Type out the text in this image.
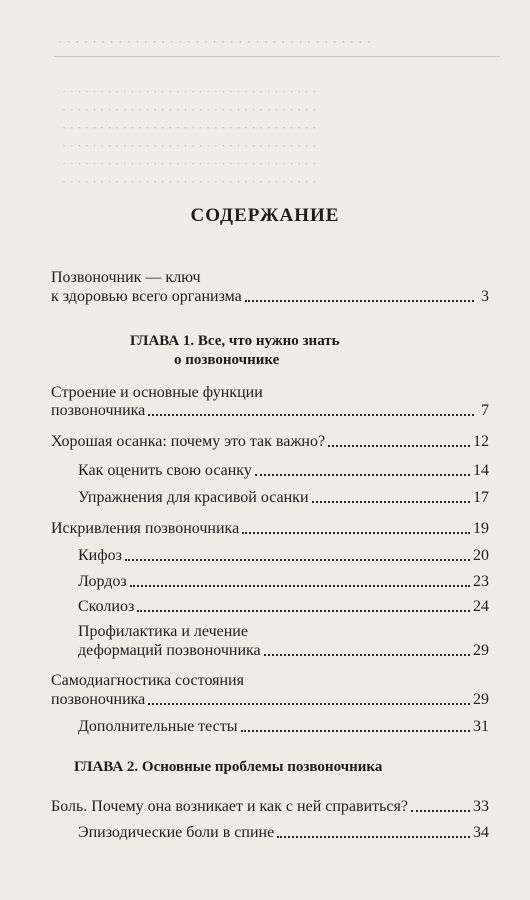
· · · · · · · · · · · · · · · · · · · · · · · · · · · · · · · · · · · · ·
· · · · · · · · · · · · · · · · · · · · · · · · · · · · · · · · · ·
· · · · · · · · · · · · · · · · · · · · · · · · · · · · · · · · · ·
· · · · · · · · · · · · · · · · · · · · · · · · · · · · · · · · · ·
· · · · · · · · · · · · · · · · · · · · · · · · · · · · · · · · · ·
· · · · · · · · · · · · · · · · · · · · · · · · · · · · · · · · · ·
· · · · · · · · · · · · · · · · · · · · · · · · · · · · · · · · · ·
СОДЕРЖАНИЕ
Позвоночник — ключ
к здоровью всего организма	3
ГЛАВА 1. Все, что нужно знать
о позвоночнике
Строение и основные функции
позвоночника	7
Хорошая осанка: почему это так важно?	12
Как оценить свою осанку	14
Упражнения для красивой осанки	17
Искривления позвоночника	19
Кифоз	20
Лордоз	23
Сколиоз	24
Профилактика и лечение
деформаций позвоночника	29
Самодиагностика состояния
позвоночника	29
Дополнительные тесты	31
ГЛАВА 2. Основные проблемы позвоночника
Боль. Почему она возникает и как с ней справиться?	33
Эпизодические боли в спине	34
